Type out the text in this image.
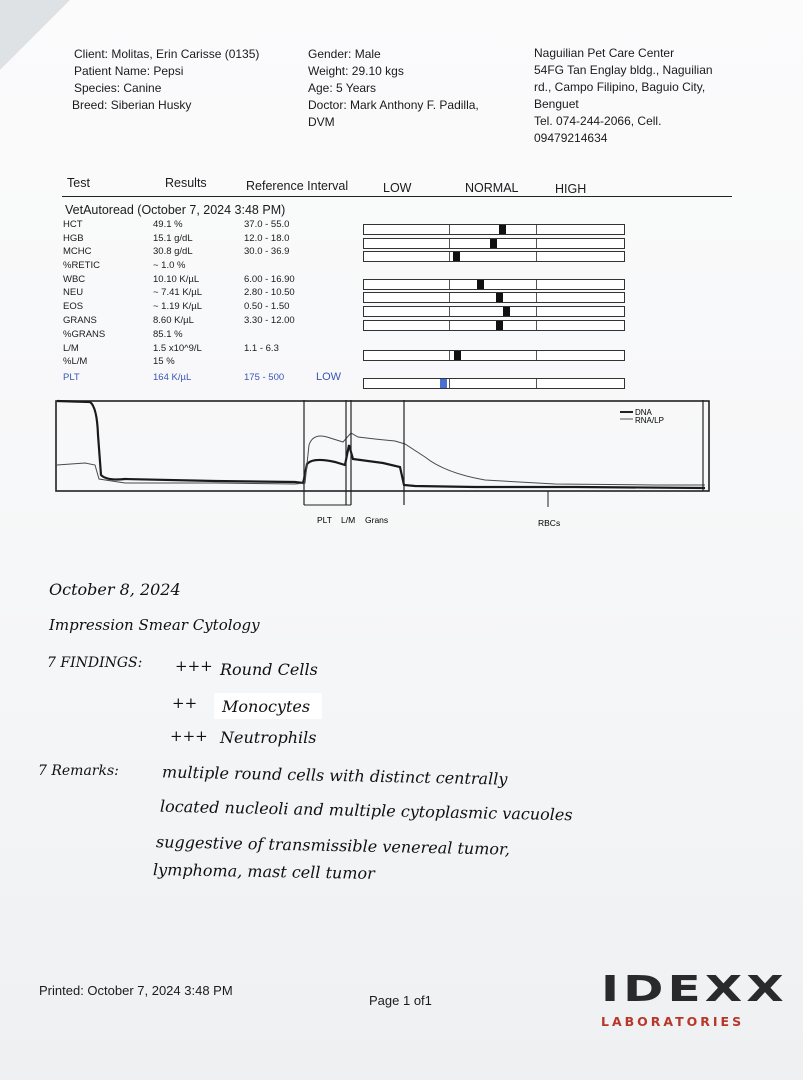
Client: Molitas, Erin Carisse (0135)
Patient Name: Pepsi
Species: Canine
Breed: Siberian Husky
Gender: Male
Weight: 29.10 kgs
Age: 5 Years
Doctor: Mark Anthony F. Padilla,
DVM
Naguilian Pet Care Center
54FG Tan Englay bldg., Naguilian
rd., Campo Filipino, Baguio City,
Benguet
Tel. 074-244-2066, Cell.
09479214634
Test	Results	Reference Interval	LOW	NORMAL	HIGH
VetAutoread (October 7, 2024 3:48 PM)
HCT	49.1 %	37.0 - 55.0
HGB	15.1 g/dL	12.0 - 18.0
MCHC	30.8 g/dL	30.0 - 36.9
%RETIC	~ 1.0 %
WBC	10.10 K/µL	6.00 - 16.90
NEU	~ 7.41 K/µL	2.80 - 10.50
EOS	~ 1.19 K/µL	0.50 - 1.50
GRANS	8.60 K/µL	3.30 - 12.00
%GRANS	85.1 %
L/M	1.5 x10^9/L	1.1 - 6.3
%L/M	15 %
PLT	164 K/µL	175 - 500	LOW
DNA
RNA/LP
PLT L/M Grans	RBCs
October 8, 2024
Impression Smear Cytology
7 FINDINGS: +++ Round Cells
++ Monocytes
+++ Neutrophils
7 Remarks:	multiple round cells with distinct centrally
located nucleoli and multiple cytoplasmic vacuoles
suggestive of transmissible venereal tumor,
lymphoma, mast cell tumor
Printed: October 7, 2024 3:48 PM
Page 1 of1	IDEXX
LABORATORIES
